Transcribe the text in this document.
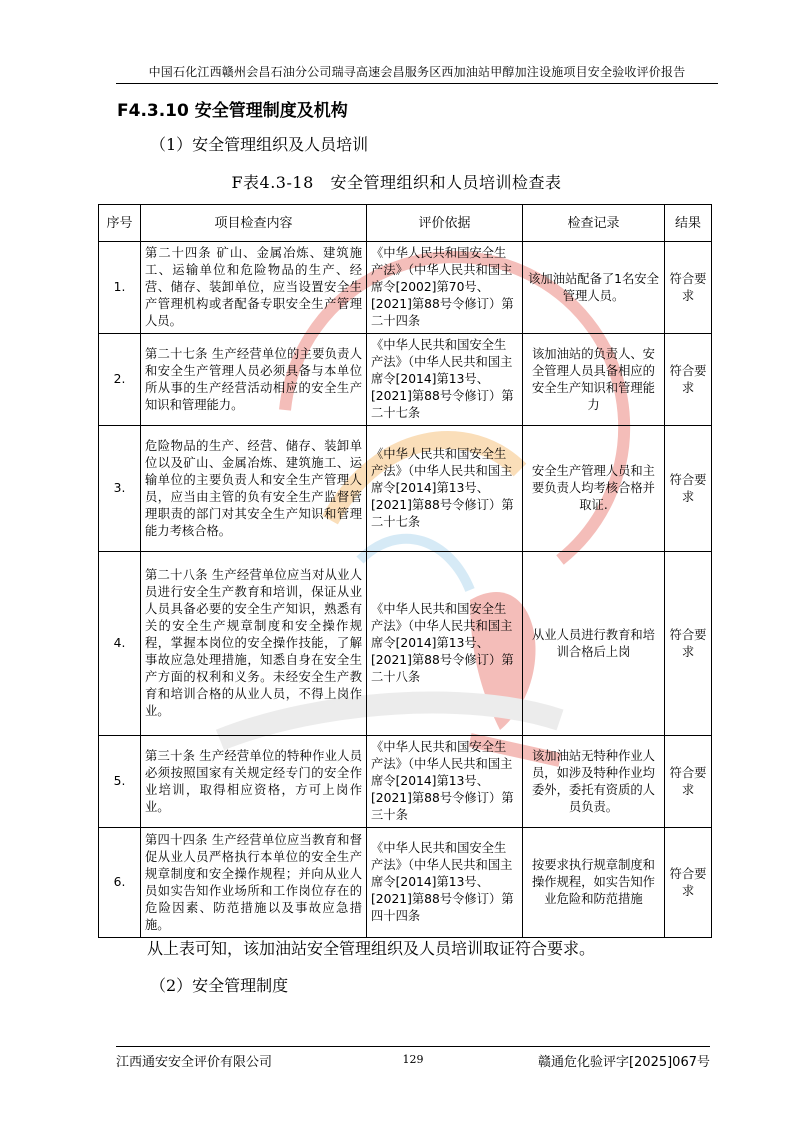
中国石化江西赣州会昌石油分公司瑞寻高速会昌服务区西加油站甲醇加注设施项目安全验收评价报告
F4.3.10 安全管理制度及机构
（1）安全管理组织及人员培训
F表4.3-18 安全管理组织和人员培训检查表
序号	项目检查内容	评价依据	检查记录	结果
1.	第二十四条 矿山、金属冶炼、建筑施工、运输单位和危险物品的生产、经营、储存、装卸单位，应当设置安全生产管理机构或者配备专职安全生产管理人员。	《中华人民共和国安全生产法》（中华人民共和国主席令[2002]第70号、[2021]第88号令修订）第二十四条	该加油站配备了1名安全管理人员。	符合要求
2.	第二十七条 生产经营单位的主要负责人和安全生产管理人员必须具备与本单位所从事的生产经营活动相应的安全生产知识和管理能力。	《中华人民共和国安全生产法》（中华人民共和国主席令[2014]第13号、[2021]第88号令修订）第二十七条	该加油站的负责人、安全管理人员具备相应的安全生产知识和管理能力	符合要求
3.	危险物品的生产、经营、储存、装卸单位以及矿山、金属冶炼、建筑施工、运输单位的主要负责人和安全生产管理人员，应当由主管的负有安全生产监督管理职责的部门对其安全生产知识和管理能力考核合格。	《中华人民共和国安全生产法》（中华人民共和国主席令[2014]第13号、[2021]第88号令修订）第二十七条	安全生产管理人员和主要负责人均考核合格并取证.	符合要求
4.	第二十八条 生产经营单位应当对从业人员进行安全生产教育和培训，保证从业人员具备必要的安全生产知识，熟悉有关的安全生产规章制度和安全操作规程，掌握本岗位的安全操作技能，了解事故应急处理措施，知悉自身在安全生产方面的权利和义务。未经安全生产教育和培训合格的从业人员，不得上岗作业。	《中华人民共和国安全生产法》（中华人民共和国主席令[2014]第13号、[2021]第88号令修订）第二十八条	从业人员进行教育和培训合格后上岗	符合要求
5.	第三十条 生产经营单位的特种作业人员必须按照国家有关规定经专门的安全作业培训，取得相应资格，方可上岗作业。	《中华人民共和国安全生产法》（中华人民共和国主席令[2014]第13号、[2021]第88号令修订）第三十条	该加油站无特种作业人员，如涉及特种作业均委外，委托有资质的人员负责。	符合要求
6.	第四十四条 生产经营单位应当教育和督促从业人员严格执行本单位的安全生产规章制度和安全操作规程；并向从业人员如实告知作业场所和工作岗位存在的危险因素、防范措施以及事故应急措施。	《中华人民共和国安全生产法》（中华人民共和国主席令[2014]第13号、[2021]第88号令修订）第四十四条	按要求执行规章制度和操作规程，如实告知作业危险和防范措施	符合要求
从上表可知，该加油站安全管理组织及人员培训取证符合要求。
（2）安全管理制度
江西通安安全评价有限公司	129	赣通危化验评字[2025]067号
